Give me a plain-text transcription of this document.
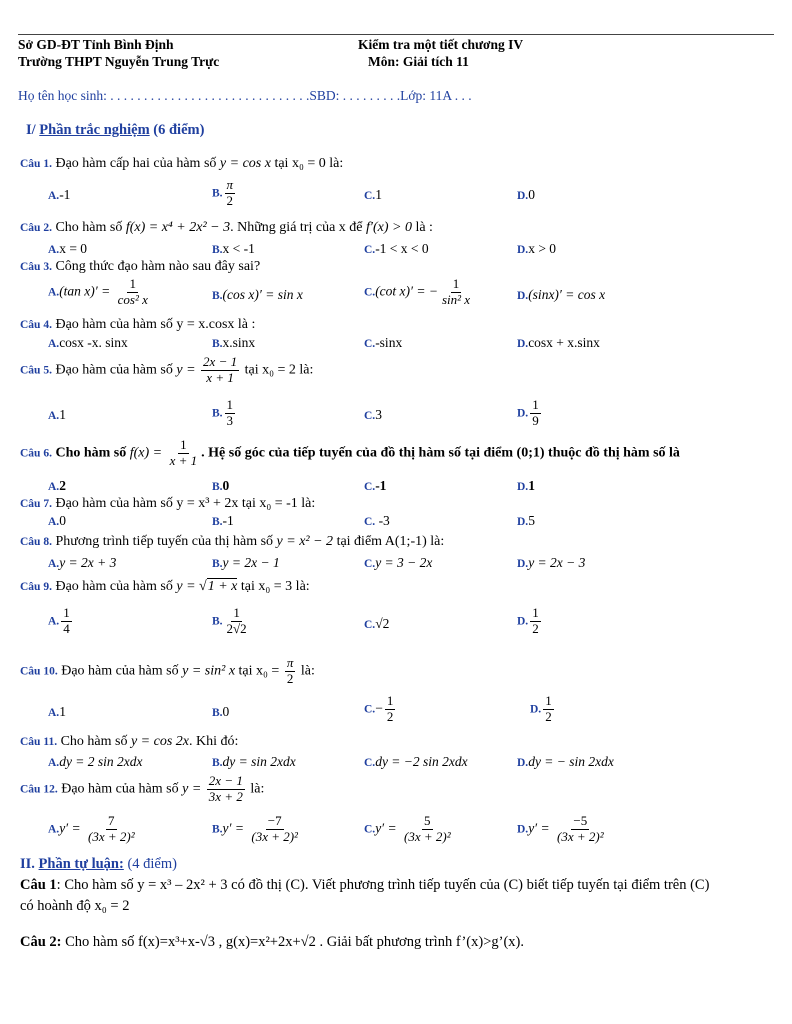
Sở GD-ĐT Tỉnh Bình Định
Trường THPT Nguyễn Trung Trực
Kiểm tra một tiết chương IV
Môn: Giải tích 11
Họ tên học sinh: . . . . . . . . . . . . . . . . . . . . . . . . . . . . . .SBD: . . . . . . . . .Lớp: 11A . . .
I/ Phần trắc nghiệm (6 điểm)
Câu 1. Đạo hàm cấp hai của hàm số y = cos x tại x₀ = 0 là:
A.-1	B. $\frac{\pi}{2}$	C.1	D.0
Câu 2. Cho hàm số f(x) = x⁴ + 2x² − 3. Những giá trị của x để f′(x) > 0 là :
A.x = 0	B.x < -1	C.-1 < x < 0	D.x > 0
Câu 3. Công thức đạo hàm nào sau đây sai?
A.(tan $x)' = \frac{1}{\text{cos² x}}$	B.(cos x)′ = sin x	C.(cot x)′ = − $\frac{1}{\text{sin² x}}$	D.(sinx)′ = cos x
Câu 4. Đạo hàm của hàm số y = x.cosx là :
A.cosx -x. sinx	B.x.sinx	C.-sinx	D.cosx + x.sinx
Câu 5. Đạo hàm của hàm số $y = \frac{2x - 1}{x + 1}$ tại x₀ = 2 là:
A.1	B. $\frac{1}{3}$	C.3	D. $\frac{1}{9}$
Câu 6. Cho hàm số $f(x) = \frac{1}{x + 1}$ . Hệ số góc của tiếp tuyến của đồ thị hàm số tại điểm (0;1) thuộc đồ thị hàm số là
A.2	B.0	C.-1	D.1
Câu 7. Đạo hàm của hàm số y = x³ + 2x tại x₀ = -1 là:
A.0	B.-1	C. -3	D.5
Câu 8. Phương trình tiếp tuyến của thị hàm số y = x² − 2 tại điểm A(1;-1) là:
A.y = 2x + 3	B.y = 2x − 1	C.y = 3 − 2x	D.y = 2x − 3
Câu 9. Đạo hàm của hàm số y = √1 + x tại x₀ = 3 là:
A. $\frac{1}{4}$	B. $\frac{1}{2√2}$	C.√2	D. $\frac{1}{2}$
Câu 10. Đạo hàm của hàm số y = sin² x tại $x_0 = \frac{\pi}{2}$ là:
A.1	B.0	$C.- \frac{1}{2}$	D. $\frac{1}{2}$
Câu 11. Cho hàm số y = cos 2x. Khi đó:
A.dy = 2 sin 2xdx	B.dy = sin 2xdx	C.dy = −2 sin 2xdx	D.dy = − sin 2xdx
Câu 12. Đạo hàm của hàm số $y = \frac{2x - 1}{3x + 2}$ là:
$A.y' = \frac{7}{\text{(3x + 2)²}}$	$B.y' = \frac{-7}{\text{(3x + 2)²}}$	$C.y' = \frac{5}{\text{(3x + 2)²}}$	$D.y' = \frac{-5}{\text{(3x + 2)²}}$
II. Phần tự luận: (4 điểm)
Câu 1: Cho hàm số y = x³ – 2x² + 3 có đồ thị (C). Viết phương trình tiếp tuyến của (C) biết tiếp tuyến tại điểm trên (C)
có hoành độ x₀ = 2
Câu 2: Cho hàm số f(x)=x³+x-√3 , g(x)=x²+2x+√2 . Giải bất phương trình f’(x)>g’(x).
